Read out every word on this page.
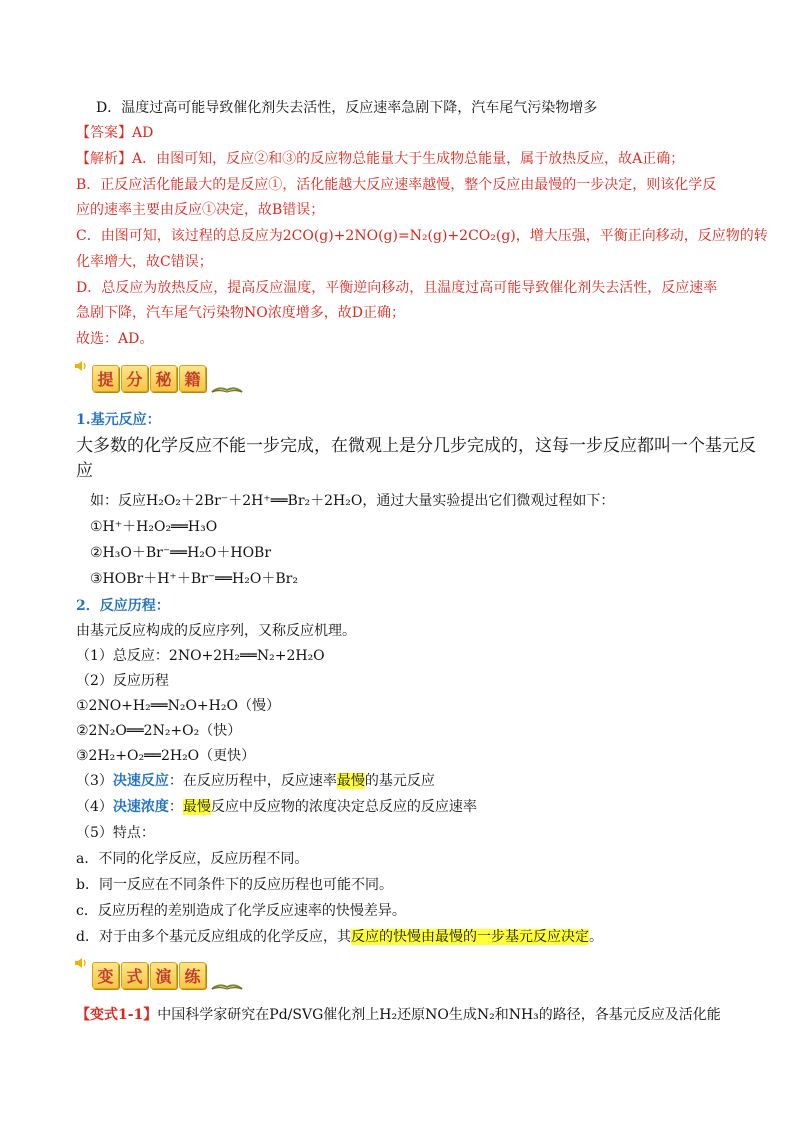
D．温度过高可能导致催化剂失去活性，反应速率急剧下降，汽车尾气污染物增多
【答案】AD
【解析】A．由图可知，反应②和③的反应物总能量大于生成物总能量，属于放热反应，故A正确；
B．正反应活化能最大的是反应①，活化能越大反应速率越慢，整个反应由最慢的一步决定，则该化学反
应的速率主要由反应①决定，故B错误；
C．由图可知，该过程的总反应为2CO(g)+2NO(g)=N₂(g)+2CO₂(g)，增大压强，平衡正向移动，反应物的转
化率增大，故C错误；
D．总反应为放热反应，提高反应温度，平衡逆向移动，且温度过高可能导致催化剂失去活性，反应速率
急剧下降，汽车尾气污染物NO浓度增多，故D正确；
故选：AD。
提 分 秘 籍
1.基元反应：
大多数的化学反应不能一步完成，在微观上是分几步完成的，这每一步反应都叫一个基元反
应
如：反应H₂O₂＋2Br⁻＋2H⁺══Br₂＋2H₂O，通过大量实验提出它们微观过程如下：
①H⁺＋H₂O₂══H₃O
②H₃O＋Br⁻══H₂O＋HOBr
③HOBr＋H⁺＋Br⁻══H₂O＋Br₂
2．反应历程：
由基元反应构成的反应序列，又称反应机理。
（1）总反应：2NO+2H₂══N₂+2H₂O
（2）反应历程
①2NO+H₂══N₂O+H₂O（慢）
②2N₂O══2N₂+O₂（快）
③2H₂+O₂══2H₂O（更快）
（3）决速反应：在反应历程中，反应速率最慢的基元反应
（4）决速浓度：最慢反应中反应物的浓度决定总反应的反应速率
（5）特点：
a．不同的化学反应，反应历程不同。
b．同一反应在不同条件下的反应历程也可能不同。
c．反应历程的差别造成了化学反应速率的快慢差异。
d．对于由多个基元反应组成的化学反应，其反应的快慢由最慢的一步基元反应决定。
变 式 演 练
【变式1-1】中国科学家研究在Pd/SVG催化剂上H₂还原NO生成N₂和NH₃的路径，各基元反应及活化能
